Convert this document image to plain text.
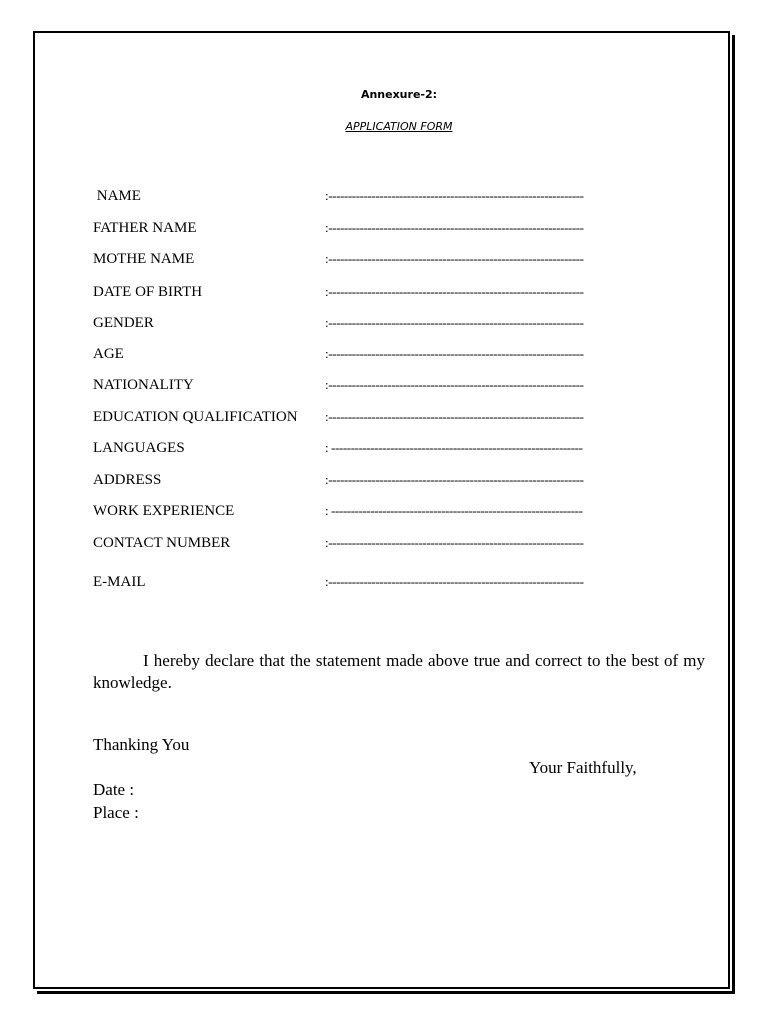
Annexure-2:
APPLICATION FORM
NAME	:-----------------------------------------------------------------
FATHER NAME	:-----------------------------------------------------------------
MOTHE NAME	:-----------------------------------------------------------------
DATE OF BIRTH	:-----------------------------------------------------------------
GENDER	:-----------------------------------------------------------------
AGE	:-----------------------------------------------------------------
NATIONALITY	:-----------------------------------------------------------------
EDUCATION QUALIFICATION :-----------------------------------------------------------------
LANGUAGES	: ----------------------------------------------------------------
ADDRESS	:-----------------------------------------------------------------
WORK EXPERIENCE	: ----------------------------------------------------------------
CONTACT NUMBER	:-----------------------------------------------------------------
E-MAIL	:-----------------------------------------------------------------
I hereby declare that the statement made above true and correct to the best of my knowledge.
Thanking You
Your Faithfully,
Date :
Place :
